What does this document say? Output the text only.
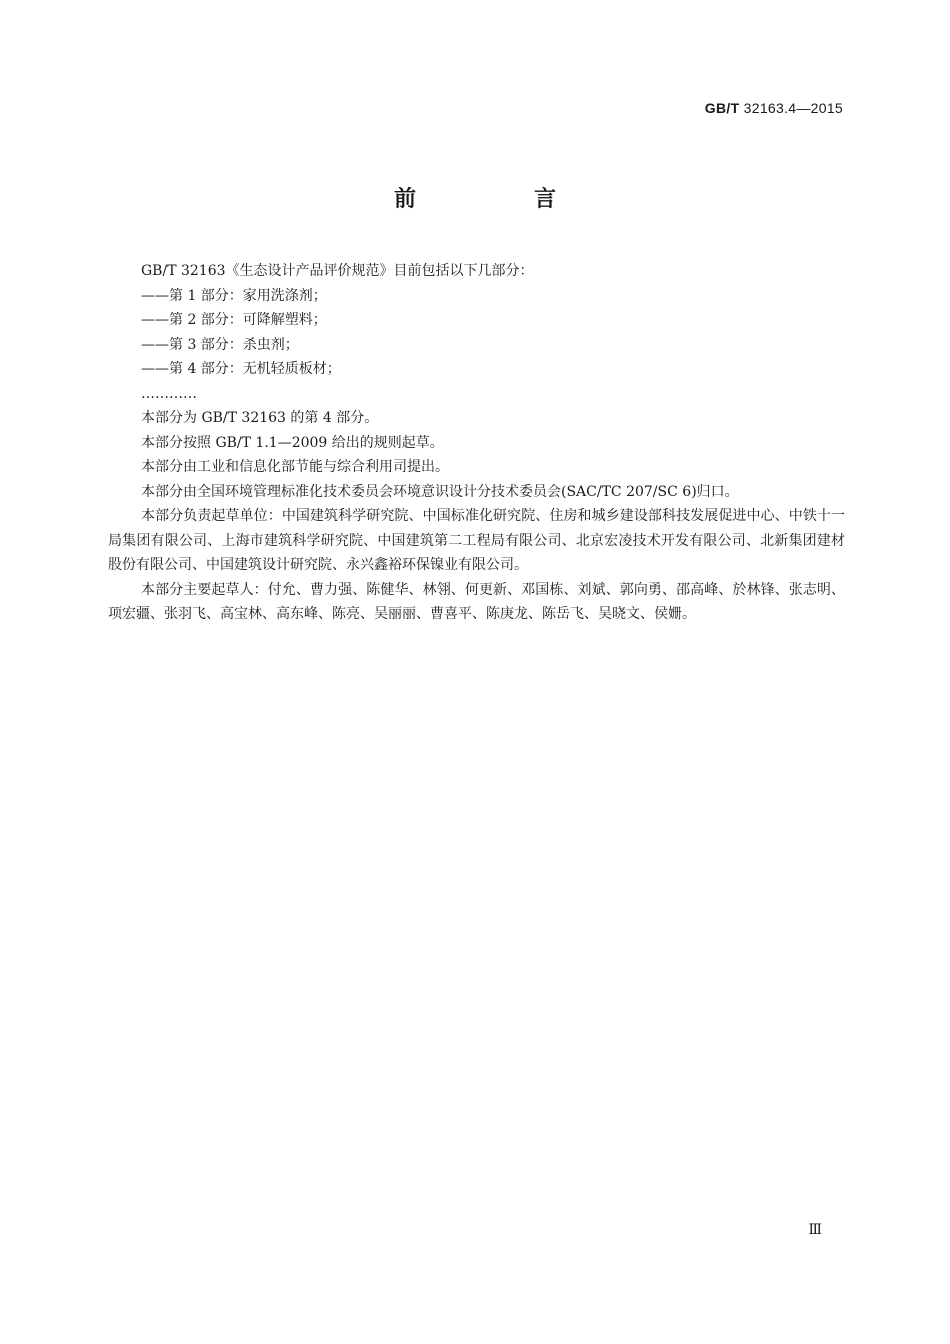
GB/T 32163.4—2015
前　言

GB/T 32163《生态设计产品评价规范》目前包括以下几部分：

——第 1 部分：家用洗涤剂；
——第 2 部分：可降解塑料；
——第 3 部分：杀虫剂；
——第 4 部分：无机轻质板材；
…………

本部分为 GB/T 32163 的第 4 部分。

本部分按照 GB/T 1.1—2009 给出的规则起草。

本部分由工业和信息化部节能与综合利用司提出。

本部分由全国环境管理标准化技术委员会环境意识设计分技术委员会(SAC/TC 207/SC 6)归口。

本部分负责起草单位：中国建筑科学研究院、中国标准化研究院、住房和城乡建设部科技发展促进中心、中铁十一局集团有限公司、上海市建筑科学研究院、中国建筑第二工程局有限公司、北京宏凌技术开发有限公司、北新集团建材股份有限公司、中国建筑设计研究院、永兴鑫裕环保镍业有限公司。

本部分主要起草人：付允、曹力强、陈健华、林翎、何更新、邓国栋、刘斌、郭向勇、邵高峰、於林锋、张志明、项宏疆、张羽飞、高宝林、高东峰、陈亮、吴丽丽、曹喜平、陈庚龙、陈岳飞、吴晓文、侯姗。

Ⅲ
